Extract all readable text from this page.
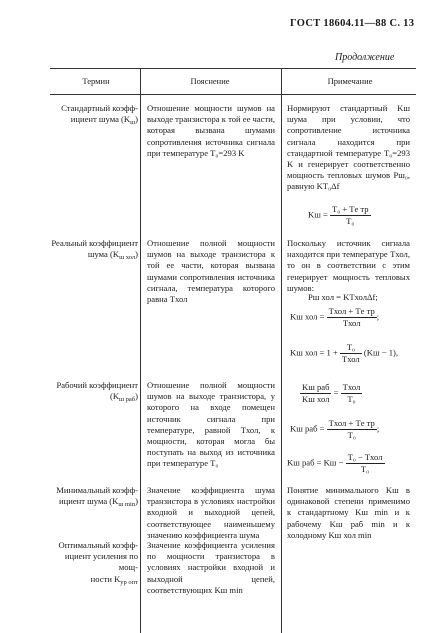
ГОСТ 18604.11—88 С. 13
Продолжение
Термин	Пояснение	Примечание
Стандартный коэфф-
ициент шума $(K_ш)$
Отношение мощности шумов на выходе транзистора к той ее части, которая вызвана шумами сопротивления источника сигнала при температуре T₀=293 K
Нормируют стандартный Kш шума при условии, что сопротивление источника сигнала находится при стандартной температуре T₀=293 K и генерирует соответственно мощность тепловых шумов Pш₀, равную KT₀Δf
Kш = $\frac{\text{T₀ + Tе тр}}{\text{T₀}}$
Реальный коэффициент
шума $(K_{ш хол})$
Отношение полной мощности шумов на выходе транзистора к той ее части, которая вызвана шумами сопротивления источника сигнала, температура которого равна Tхол
Поскольку источник сигнала находится при температуре Tхол, то он в соответствии с этим генерирует мощность тепловых шумов:
Pш хол = KTхолΔf;
Kш хол = $\frac{\text{Tхол + Tе тр}}{\text{Tхол}}$ ;
Kш хол = $1 + \frac{\text{T₀}}{\text{Tхол}} (Kш - 1)$,
Рабочий коэффициент
$(K_{ш раб})$
Отношение полной мощности шумов на выходе транзистора, у которого на входе помещен источник сигнала при температуре, равной Tхол, к мощности, которая могла бы поступать на выход из источника при температуре T₀
$\frac{\text{Kш раб}}{\text{Kш хол}} = \frac{\text{Tхол}}{\text{T₀}}$
Kш раб = $\frac{\text{Tхол + Tе тр}}{\text{T₀}}$ ;
Kш раб = Kш − $\frac{\text{T₀ − Tхол}}{\text{T₀}}$
Минимальный коэфф-
ициент шума $(K_{ш min})$
Значение коэффициента шума транзистора в условиях настройки входной и выходной цепей, соответствующее наименьшему значению коэффициента шума
Понятие минимального Kш в одинаковой степени применимо к стандартному Kш min и к рабочему Kш раб min и к холодному Kш хол min
Оптимальный коэфф-
ициент усиления по мощ-
ности $K_{ур опт}$
Значение коэффициента усиления по мощности транзистора в условиях настройки входной и выходной цепей, соответствующих Kш min
